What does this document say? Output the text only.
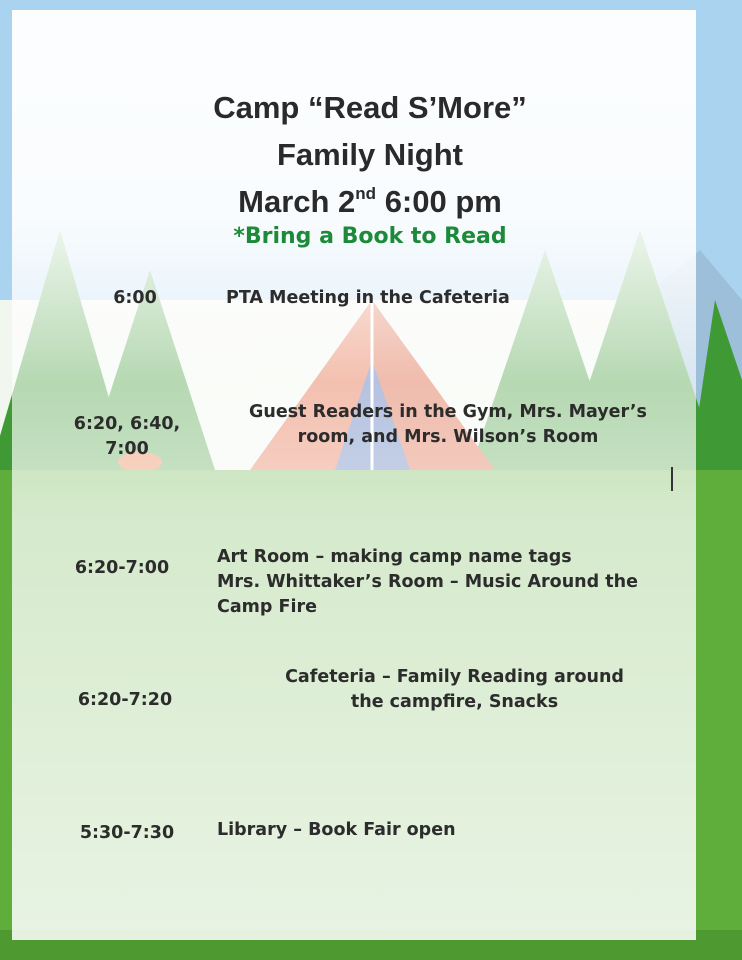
Camp “Read S’More”
Family Night
March 2nd 6:00 pm
*Bring a Book to Read
6:00	PTA Meeting in the Cafeteria
6:20, 6:40,
7:00
Guest Readers in the Gym, Mrs. Mayer’s
room, and Mrs. Wilson’s Room
6:20-7:00
Art Room – making camp name tags
Mrs. Whittaker’s Room – Music Around the
Camp Fire
6:20-7:20
Cafeteria – Family Reading around
the campfire, Snacks
5:30-7:30	Library – Book Fair open
